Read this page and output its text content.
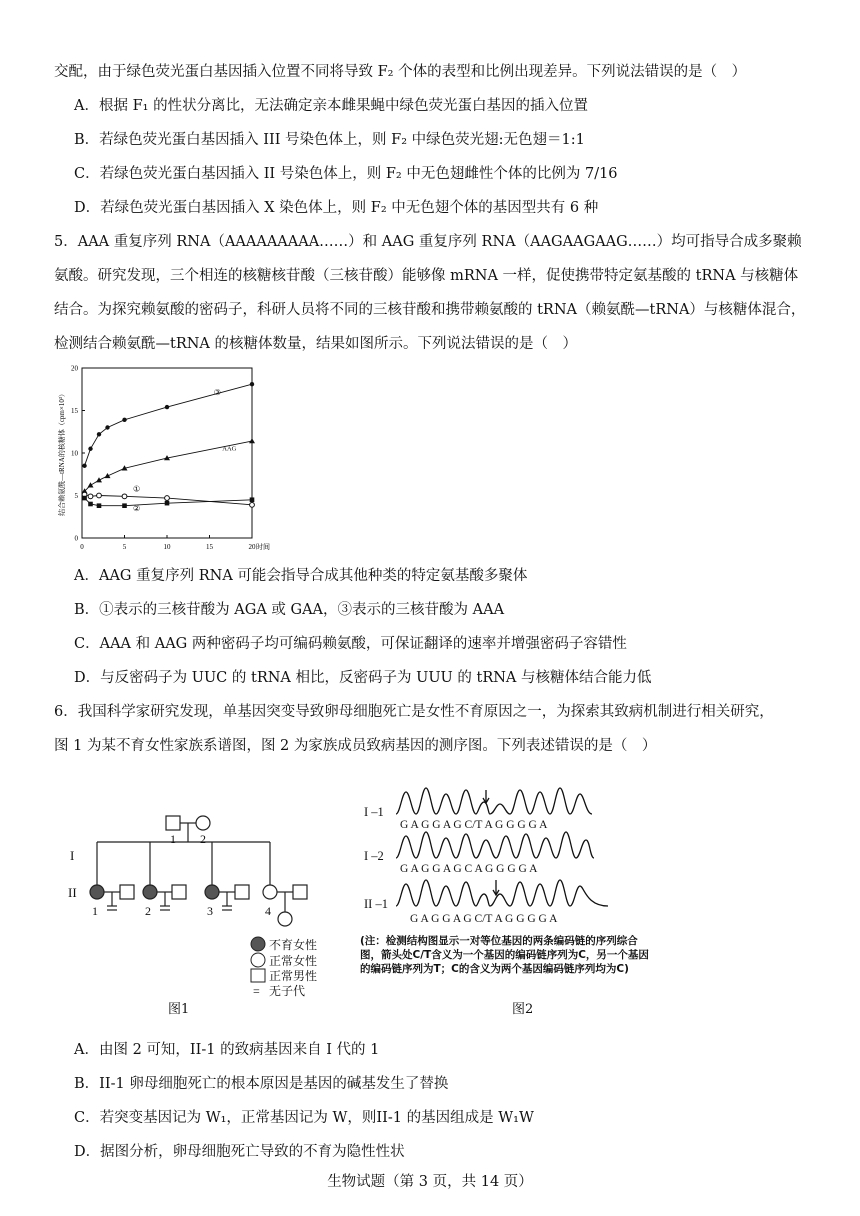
交配，由于绿色荧光蛋白基因插入位置不同将导致 F₂ 个体的表型和比例出现差异。下列说法错误的是（　）
A．根据 F₁ 的性状分离比，无法确定亲本雌果蝇中绿色荧光蛋白基因的插入位置
B．若绿色荧光蛋白基因插入 III 号染色体上，则 F₂ 中绿色荧光翅:无色翅＝1:1
C．若绿色荧光蛋白基因插入 II 号染色体上，则 F₂ 中无色翅雌性个体的比例为 7/16
D．若绿色荧光蛋白基因插入 X 染色体上，则 F₂ 中无色翅个体的基因型共有 6 种
5．AAA 重复序列 RNA（AAAAAAAAA……）和 AAG 重复序列 RNA（AAGAAGAAG……）均可指导合成多聚赖
氨酸。研究发现，三个相连的核糖核苷酸（三核苷酸）能够像 mRNA 一样，促使携带特定氨基酸的 tRNA 与核糖体
结合。为探究赖氨酸的密码子，科研人员将不同的三核苷酸和携带赖氨酸的 tRNA（赖氨酰—tRNA）与核糖体混合，
检测结合赖氨酰—tRNA 的核糖体数量，结果如图所示。下列说法错误的是（　）
0	5	10	15	20
0
5
10
15
20
时间
结合赖氨酰—tRNA的核糖体（cpm×10³）	③
AAG
①
②
A．AAG 重复序列 RNA 可能会指导合成其他种类的特定氨基酸多聚体
B．①表示的三核苷酸为 AGA 或 GAA，③表示的三核苷酸为 AAA
C．AAA 和 AAG 两种密码子均可编码赖氨酸，可保证翻译的速率并增强密码子容错性
D．与反密码子为 UUC 的 tRNA 相比，反密码子为 UUU 的 tRNA 与核糖体结合能力低
6．我国科学家研究发现，单基因突变导致卵母细胞死亡是女性不育原因之一，为探索其致病机制进行相关研究，
图 1 为某不育女性家族系谱图，图 2 为家族成员致病基因的测序图。下列表述错误的是（　）
I
II
1 2
1	2	3	4
不育女性
正常女性
正常男性
= 无子代
图1
I –1
I –2
II –1
G A G G A G C/T A G G G G A
G A G G A G C A G G G G A
G A G G A G C/T A G G G G A
(注：检测结构图显示一对等位基因的两条编码链的序列综合图，箭头处C/T含义为一个基因的编码链序列为C，另一个基因的编码链序列为T；C的含义为两个基因编码链序列均为C)
图2
A．由图 2 可知，II-1 的致病基因来自 I 代的 1
B．II-1 卵母细胞死亡的根本原因是基因的碱基发生了替换
C．若突变基因记为 W₁，正常基因记为 W，则II-1 的基因组成是 W₁W
D．据图分析，卵母细胞死亡导致的不育为隐性性状
生物试题（第 3 页，共 14 页）
